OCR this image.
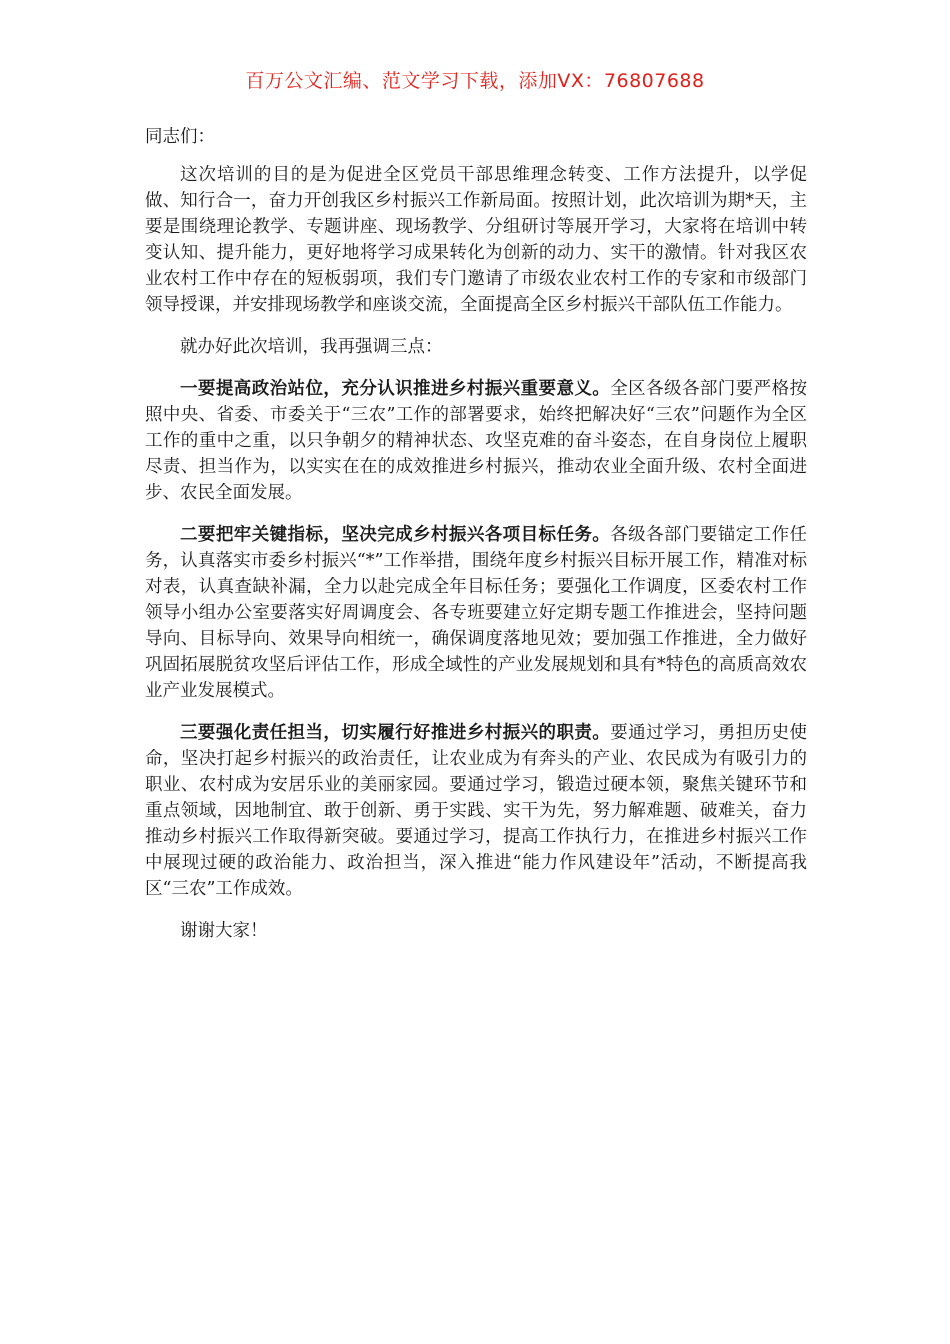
百万公文汇编、范文学习下载，添加VX：76807688

同志们：

这次培训的目的是为促进全区党员干部思维理念转变、工作方法提升，以学促做、知行合一，奋力开创我区乡村振兴工作新局面。按照计划，此次培训为期*天，主要是围绕理论教学、专题讲座、现场教学、分组研讨等展开学习，大家将在培训中转变认知、提升能力，更好地将学习成果转化为创新的动力、实干的激情。针对我区农业农村工作中存在的短板弱项，我们专门邀请了市级农业农村工作的专家和市级部门领导授课，并安排现场教学和座谈交流，全面提高全区乡村振兴干部队伍工作能力。

就办好此次培训，我再强调三点：

一要提高政治站位，充分认识推进乡村振兴重要意义。全区各级各部门要严格按照中央、省委、市委关于“三农”工作的部署要求，始终把解决好“三农”问题作为全区工作的重中之重，以只争朝夕的精神状态、攻坚克难的奋斗姿态，在自身岗位上履职尽责、担当作为，以实实在在的成效推进乡村振兴，推动农业全面升级、农村全面进步、农民全面发展。

二要把牢关键指标，坚决完成乡村振兴各项目标任务。各级各部门要锚定工作任务，认真落实市委乡村振兴“*”工作举措，围绕年度乡村振兴目标开展工作，精准对标对表，认真查缺补漏，全力以赴完成全年目标任务；要强化工作调度，区委农村工作领导小组办公室要落实好周调度会、各专班要建立好定期专题工作推进会，坚持问题导向、目标导向、效果导向相统一，确保调度落地见效；要加强工作推进，全力做好巩固拓展脱贫攻坚后评估工作，形成全域性的产业发展规划和具有*特色的高质高效农业产业发展模式。

三要强化责任担当，切实履行好推进乡村振兴的职责。要通过学习，勇担历史使命，坚决打起乡村振兴的政治责任，让农业成为有奔头的产业、农民成为有吸引力的职业、农村成为安居乐业的美丽家园。要通过学习，锻造过硬本领，聚焦关键环节和重点领域，因地制宜、敢于创新、勇于实践、实干为先，努力解难题、破难关，奋力推动乡村振兴工作取得新突破。要通过学习，提高工作执行力，在推进乡村振兴工作中展现过硬的政治能力、政治担当，深入推进“能力作风建设年”活动，不断提高我区“三农”工作成效。

谢谢大家！
